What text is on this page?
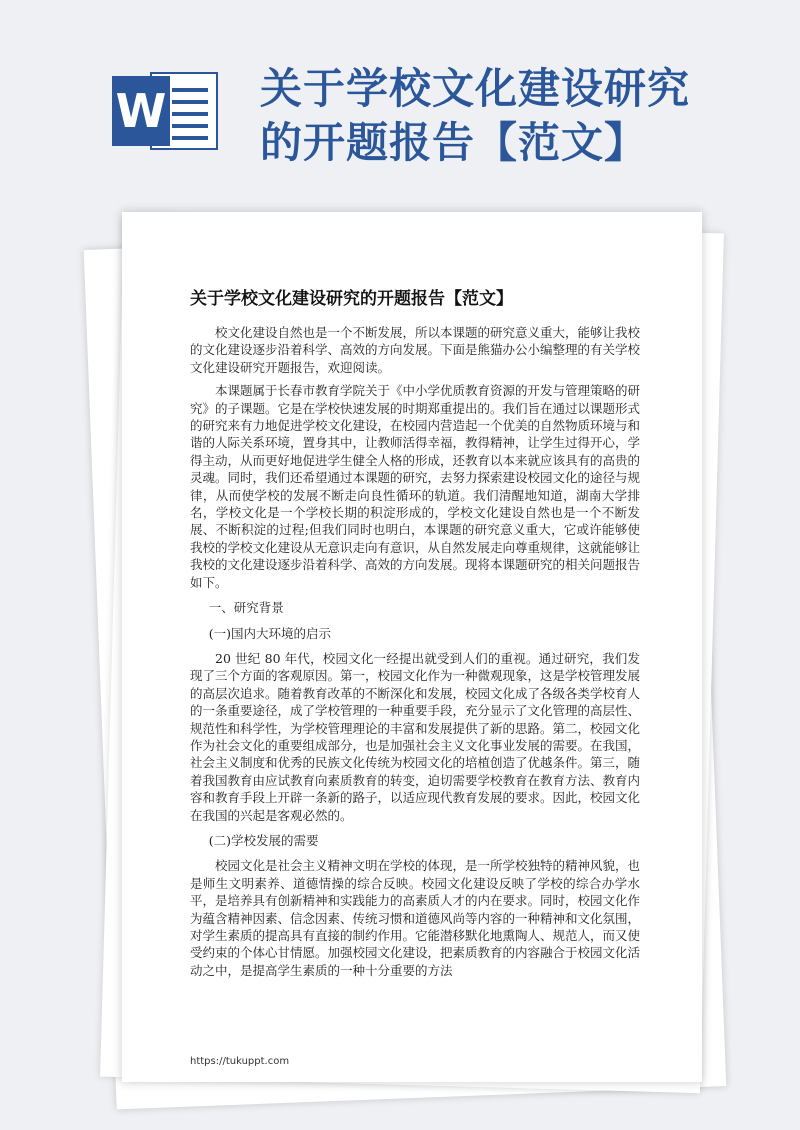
W 关于学校文化建设研究的开题报告【范文】
关于学校文化建设研究的开题报告【范文】

校文化建设自然也是一个不断发展，所以本课题的研究意义重大，能够让我校的文化建设逐步沿着科学、高效的方向发展。下面是熊猫办公小编整理的有关学校文化建设研究开题报告，欢迎阅读。

本课题属于长春市教育学院关于《中小学优质教育资源的开发与管理策略的研究》的子课题。它是在学校快速发展的时期郑重提出的。我们旨在通过以课题形式的研究来有力地促进学校文化建设，在校园内营造起一个优美的自然物质环境与和谐的人际关系环境，置身其中，让教师活得幸福，教得精神，让学生过得开心，学得主动，从而更好地促进学生健全人格的形成，还教育以本来就应该具有的高贵的灵魂。同时，我们还希望通过本课题的研究，去努力探索建设校园文化的途径与规律，从而使学校的发展不断走向良性循环的轨道。我们清醒地知道，湖南大学排名，学校文化是一个学校长期的积淀形成的，学校文化建设自然也是一个不断发展、不断积淀的过程;但我们同时也明白，本课题的研究意义重大，它或许能够使我校的学校文化建设从无意识走向有意识，从自然发展走向尊重规律，这就能够让我校的文化建设逐步沿着科学、高效的方向发展。现将本课题研究的相关问题报告如下。

一、研究背景

(一)国内大环境的启示

20 世纪 80 年代，校园文化一经提出就受到人们的重视。通过研究，我们发现了三个方面的客观原因。第一，校园文化作为一种微观现象，这是学校管理发展的高层次追求。随着教育改革的不断深化和发展，校园文化成了各级各类学校育人的一条重要途径，成了学校管理的一种重要手段，充分显示了文化管理的高层性、规范性和科学性，为学校管理理论的丰富和发展提供了新的思路。第二，校园文化作为社会文化的重要组成部分，也是加强社会主义文化事业发展的需要。在我国，社会主义制度和优秀的民族文化传统为校园文化的培植创造了优越条件。第三，随着我国教育由应试教育向素质教育的转变，迫切需要学校教育在教育方法、教育内容和教育手段上开辟一条新的路子，以适应现代教育发展的要求。因此，校园文化在我国的兴起是客观必然的。

(二)学校发展的需要

校园文化是社会主义精神文明在学校的体现，是一所学校独特的精神风貌，也是师生文明素养、道德情操的综合反映。校园文化建设反映了学校的综合办学水平，是培养具有创新精神和实践能力的高素质人才的内在要求。同时，校园文化作为蕴含精神因素、信念因素、传统习惯和道德风尚等内容的一种精神和文化氛围，对学生素质的提高具有直接的制约作用。它能潜移默化地熏陶人、规范人，而又使受约束的个体心甘情愿。加强校园文化建设，把素质教育的内容融合于校园文化活动之中，是提高学生素质的一种十分重要的方法

https://tukuppt.com
